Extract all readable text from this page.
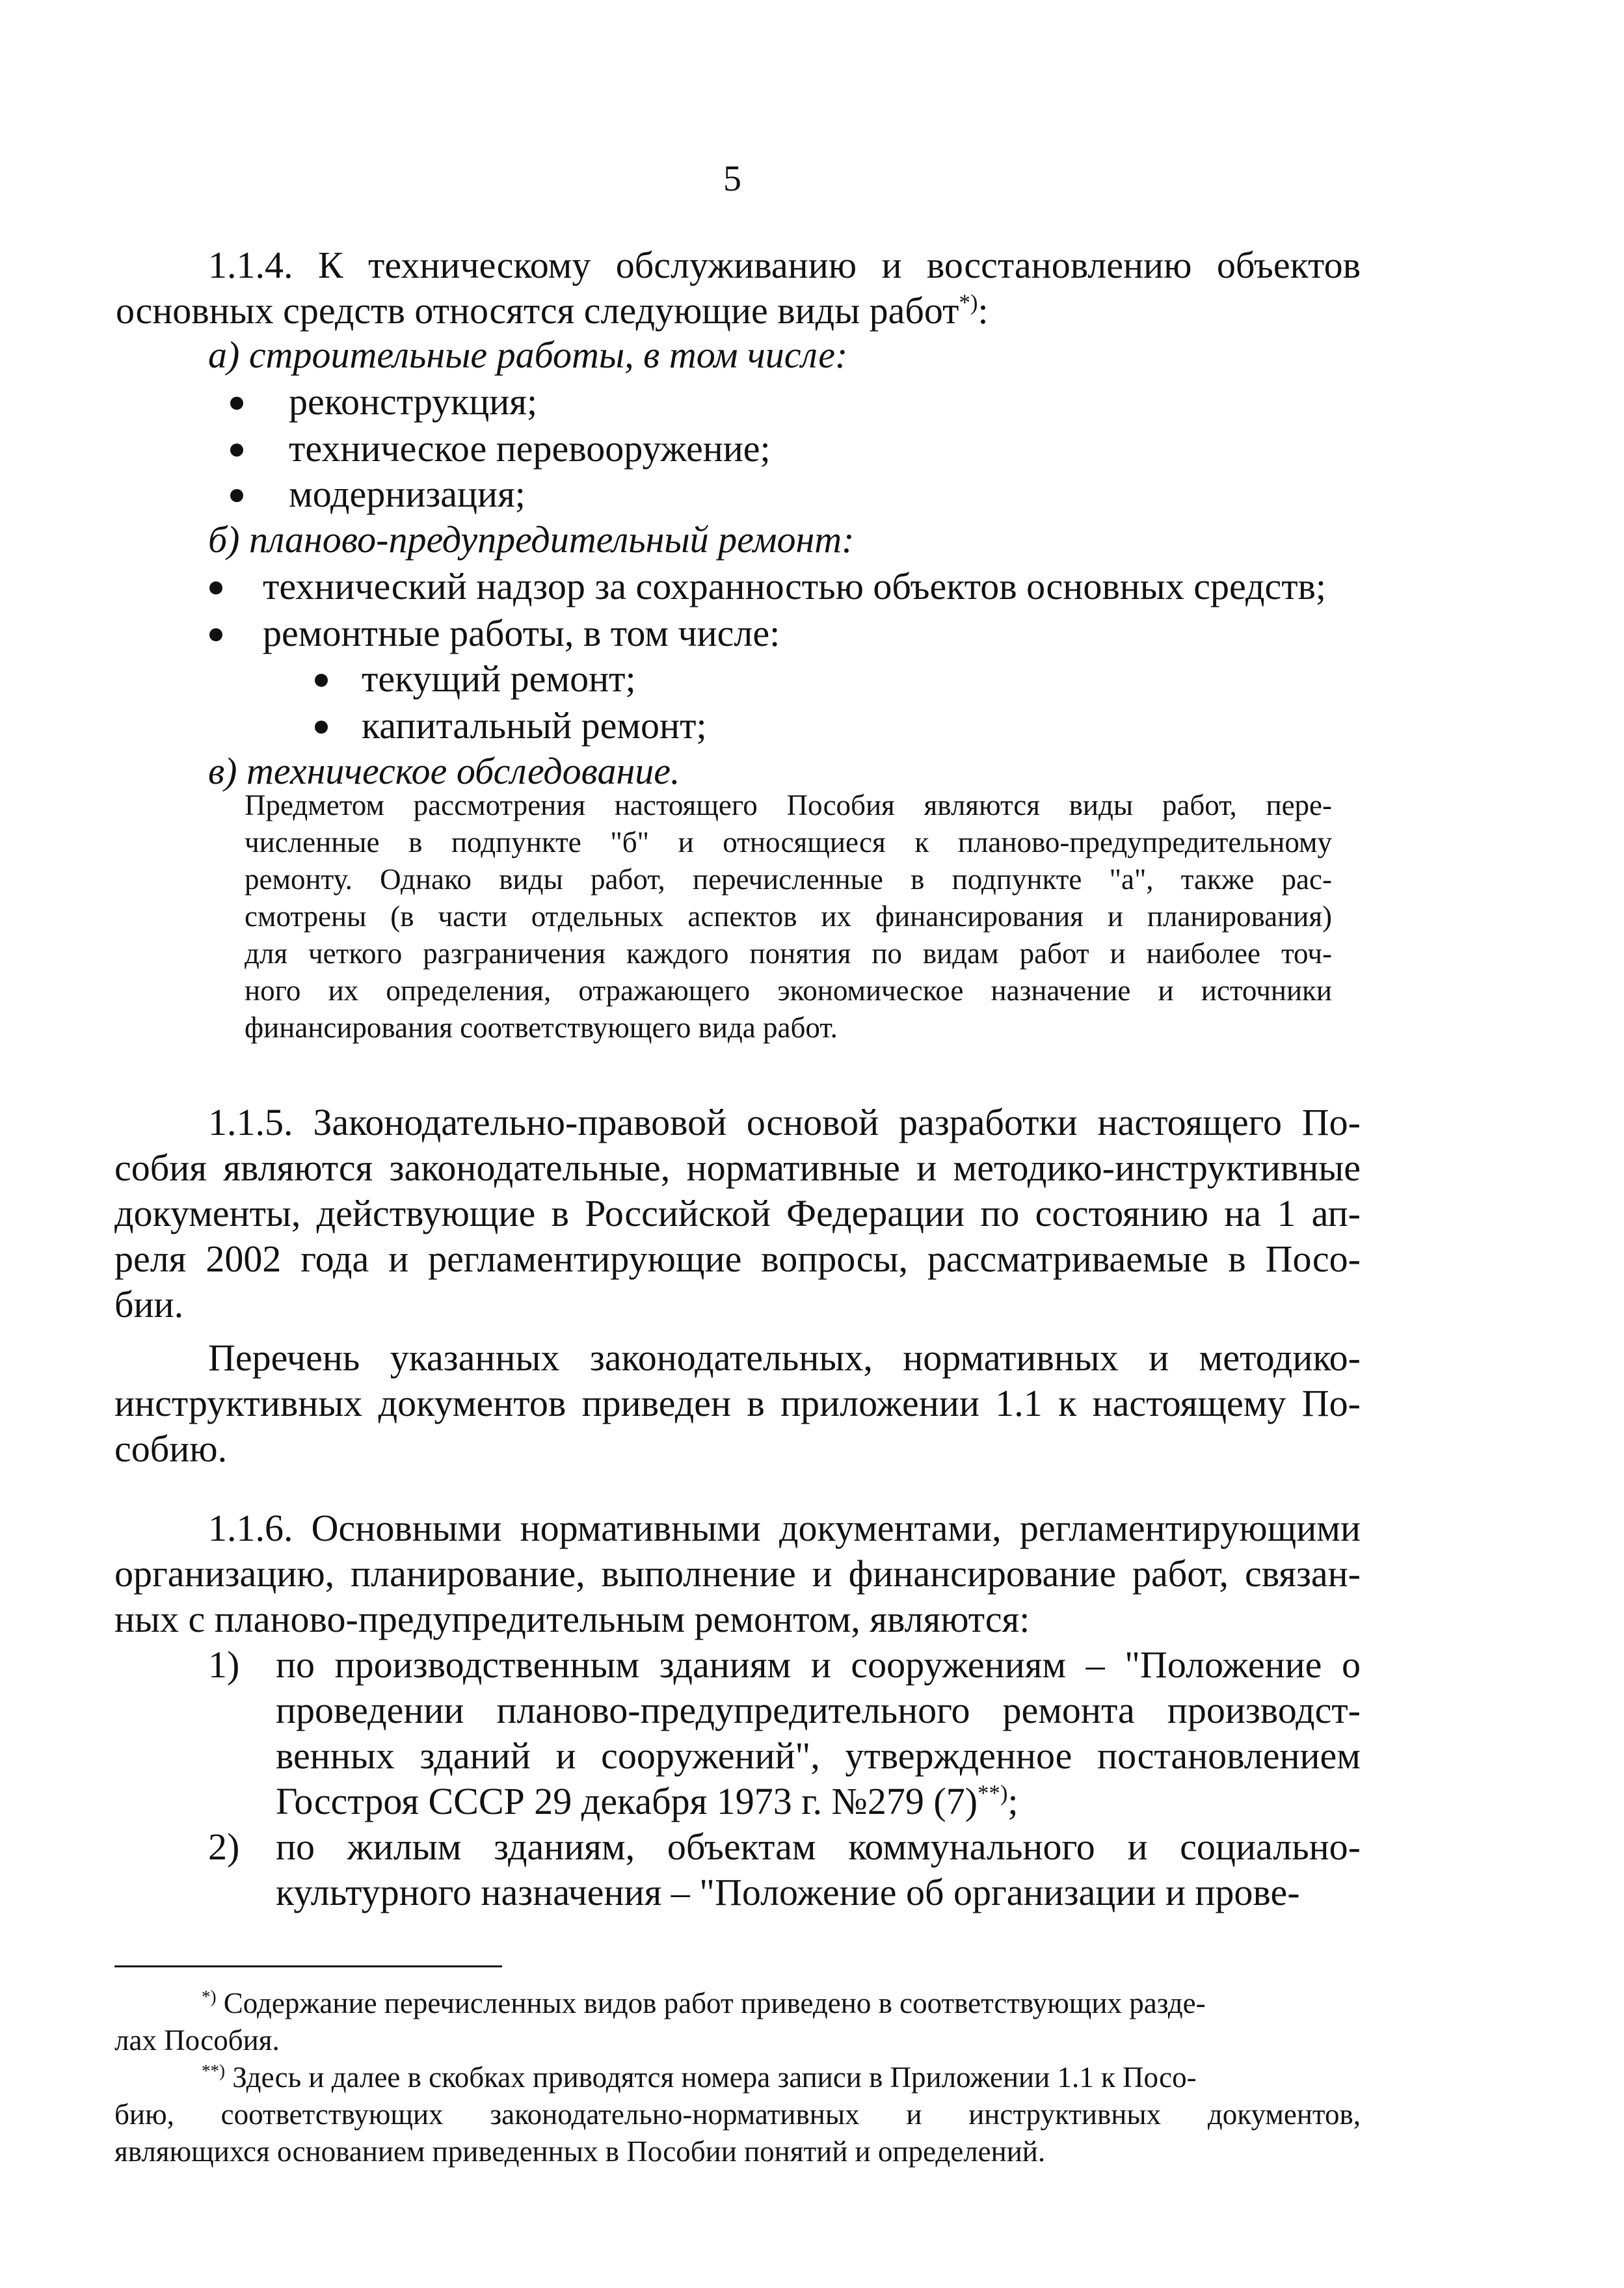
5
1.1.4. К техническому обслуживанию и восстановлению объектов
основных средств относятся следующие виды работ*):
а) строительные работы, в том числе:
реконструкция;
техническое перевооружение;
модернизация;
б) планово-предупредительный ремонт:
технический надзор за сохранностью объектов основных средств;
ремонтные работы, в том числе:
текущий ремонт;
капитальный ремонт;
в) техническое обследование.
Предметом рассмотрения настоящего Пособия являются виды работ, пере-
численные в подпункте "б" и относящиеся к планово-предупредительному
ремонту. Однако виды работ, перечисленные в подпункте "а", также рас-
смотрены (в части отдельных аспектов их финансирования и планирования)
для четкого разграничения каждого понятия по видам работ и наиболее точ-
ного их определения, отражающего экономическое назначение и источники
финансирования соответствующего вида работ.
1.1.5. Законодательно-правовой основой разработки настоящего По-
собия являются законодательные, нормативные и методико-инструктивные
документы, действующие в Российской Федерации по состоянию на 1 ап-
реля 2002 года и регламентирующие вопросы, рассматриваемые в Посо-
бии.
Перечень указанных законодательных, нормативных и методико-
инструктивных документов приведен в приложении 1.1 к настоящему По-
собию.
1.1.6. Основными нормативными документами, регламентирующими
организацию, планирование, выполнение и финансирование работ, связан-
ных с планово-предупредительным ремонтом, являются:
1) по производственным зданиям и сооружениям – "Положение о
проведении планово-предупредительного ремонта производст-
венных зданий и сооружений", утвержденное постановлением
Госстроя СССР 29 декабря 1973 г. №279 (7)**);
2) по жилым зданиям, объектам коммунального и социально-
культурного назначения – "Положение об организации и прове-
*) Содержание перечисленных видов работ приведено в соответствующих разде-
лах Пособия.
**) Здесь и далее в скобках приводятся номера записи в Приложении 1.1 к Посо-
бию, соответствующих законодательно-нормативных и инструктивных документов,
являющихся основанием приведенных в Пособии понятий и определений.
